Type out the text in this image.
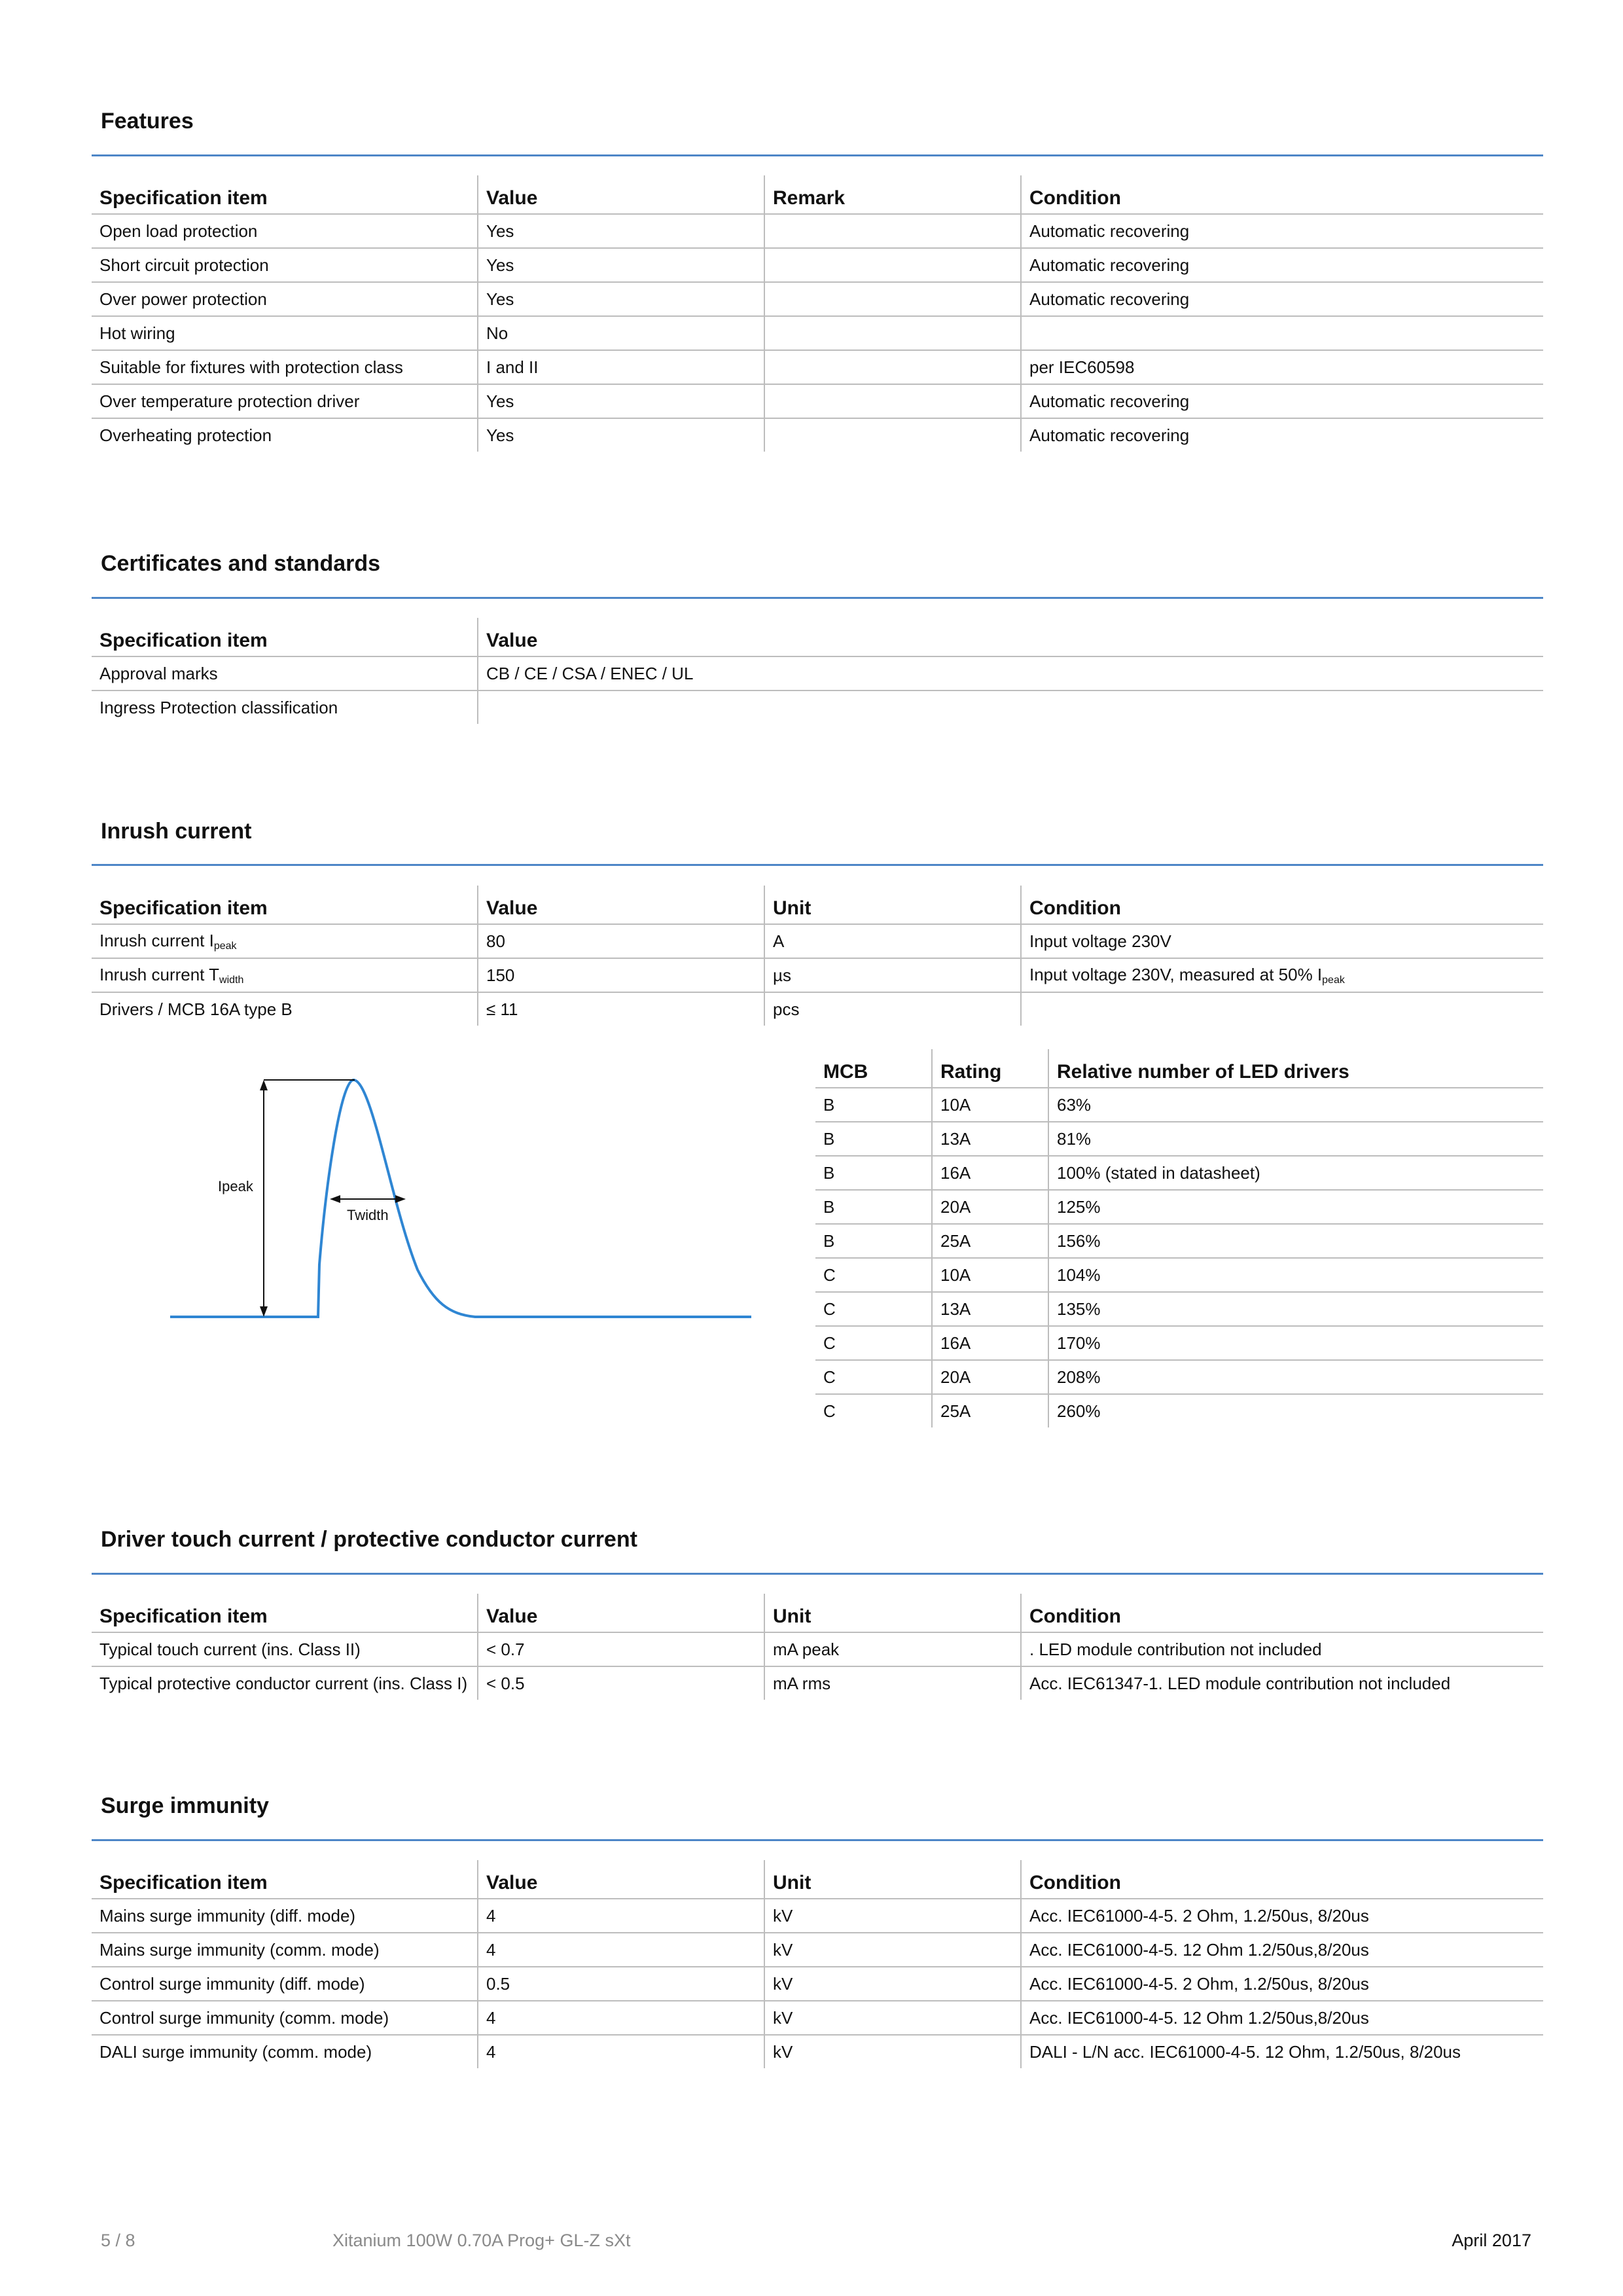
Features
Specification item	Value	Remark	Condition
Open load protection	Yes		Automatic recovering
Short circuit protection	Yes		Automatic recovering
Over power protection	Yes		Automatic recovering
Hot wiring	No		
Suitable for fixtures with protection class	I and II		per IEC60598
Over temperature protection driver	Yes		Automatic recovering
Overheating protection	Yes		Automatic recovering
Certificates and standards
Specification item	Value
Approval marks	CB / CE / CSA / ENEC / UL
Ingress Protection classification	
Inrush current
Specification item	Value	Unit	Condition
Inrush current $I_{peak}$	80	A	Input voltage 230V
Inrush current $T_{width}$	150	µs	Input voltage 230V, measured at 50% $I_{peak}$
Drivers / MCB 16A type B	≤ 11	pcs	
MCB	Rating	Relative number of LED drivers
B	10A	63%
B	13A	81%
B	16A	100% (stated in datasheet)
B	20A	125%
B	25A	156%
C	10A	104%
C	13A	135%
C	16A	170%
C	20A	208%
C	25A	260%
Driver touch current / protective conductor current
Specification item	Value	Unit	Condition
Typical touch current (ins. Class II)	< 0.7	mA peak	. LED module contribution not included
Typical protective conductor current (ins. Class I)	< 0.5	mA rms	Acc. IEC61347-1. LED module contribution not included
Surge immunity
Specification item	Value	Unit	Condition
Mains surge immunity (diff. mode)	4	kV	Acc. IEC61000-4-5. 2 Ohm, 1.2/50us, 8/20us
Mains surge immunity (comm. mode)	4	kV	Acc. IEC61000-4-5. 12 Ohm 1.2/50us,8/20us
Control surge immunity (diff. mode)	0.5	kV	Acc. IEC61000-4-5. 2 Ohm, 1.2/50us, 8/20us
Control surge immunity (comm. mode)	4	kV	Acc. IEC61000-4-5. 12 Ohm 1.2/50us,8/20us
DALI surge immunity (comm. mode)	4	kV	DALI - L/N acc. IEC61000-4-5. 12 Ohm, 1.2/50us, 8/20us
Ipeak
Twidth
5 / 8	Xitanium 100W 0.70A Prog+ GL-Z sXt	April 2017
